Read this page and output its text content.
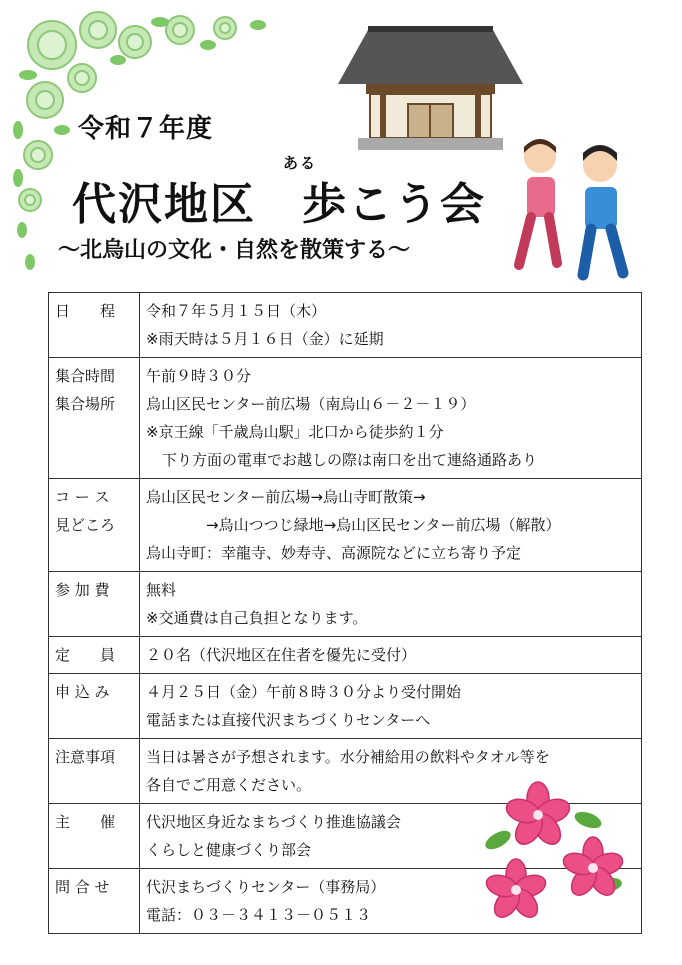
令和７年度
ある
代沢地区　歩こう会
～北烏山の文化・自然を散策する～
日　　程	令和７年５月１５日（木）
※雨天時は５月１６日（金）に延期

集合時間
集合場所	午前９時３０分
烏山区民センター前広場（南烏山６－２－１９）
※京王線「千歳烏山駅」北口から徒歩約１分
下り方面の電車でお越しの際は南口を出て連絡通路あり

コ ー ス
見どころ	烏山区民センター前広場→烏山寺町散策→
→烏山つつじ緑地→烏山区民センター前広場（解散）
烏山寺町：幸龍寺、妙寿寺、高源院などに立ち寄り予定

参 加 費	無料
※交通費は自己負担となります。

定　　員	２０名（代沢地区在住者を優先に受付）

申 込 み	４月２５日（金）午前８時３０分より受付開始
電話または直接代沢まちづくりセンターへ

注意事項	当日は暑さが予想されます。水分補給用の飲料やタオル等を
各自でご用意ください。

主　　催	代沢地区身近なまちづくり推進協議会
くらしと健康づくり部会

問 合 せ	代沢まちづくりセンター（事務局）
電話：０３－３４１３－０５１３
